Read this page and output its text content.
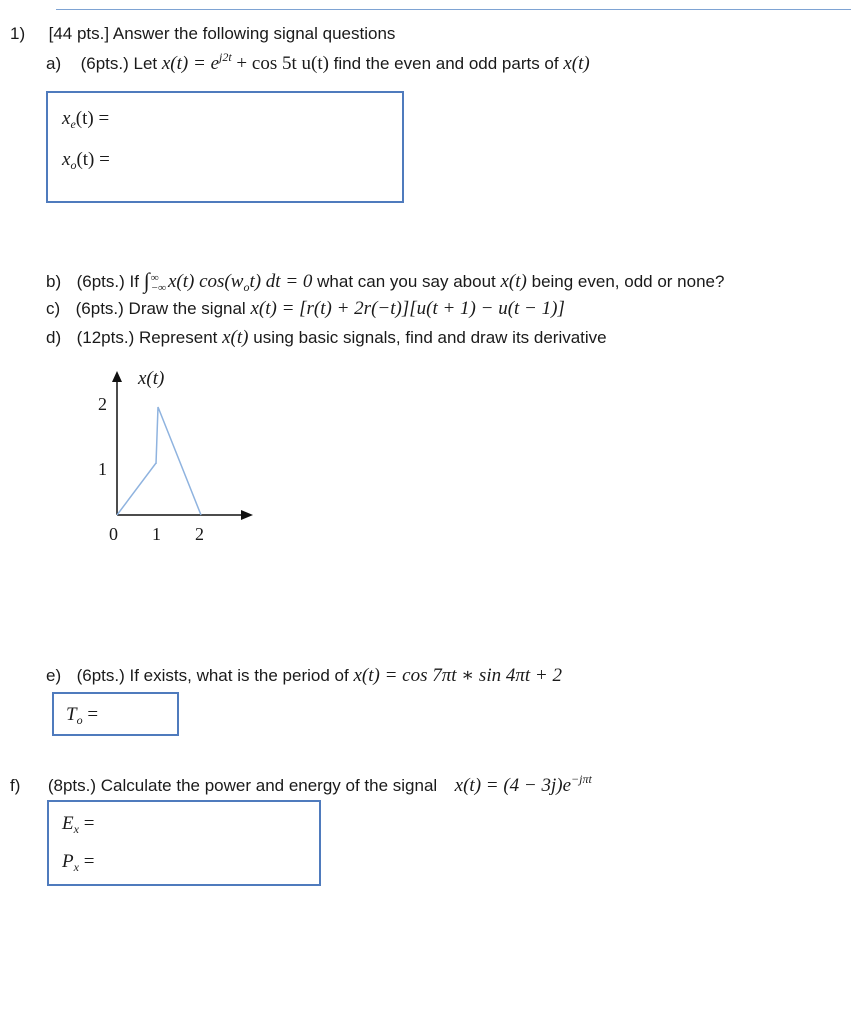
1) [44 pts.] Answer the following signal questions
a) (6pts.) Let $x(t) = e^{j2t} + \cos 5t$ u(t) find the even and odd parts of x(t)
$x_e(t)$ =
$x_o(t)$ =
b) (6pts.) If ∫ ∞
−∞ x(t) $\cos(w_ot)$ dt = 0 what can you say about x(t) being even, odd or none?
c) (6pts.) Draw the signal x(t) = [r(t) + 2r(−t)][u(t + 1) − u(t − 1)]
d) (12pts.) Represent x(t) using basic signals, find and draw its derivative
x(t)
2
1
0 1 2
e) (6pts.) If exists, what is the period of x(t) = cos 7πt ∗ sin 4πt + 2
$T_o$ =
f) (8pts.) Calculate the power and energy of the signal $x(t) = (4 - 3j)e^{-j\pi t}$
$E_x$ =
$P_x$ =
